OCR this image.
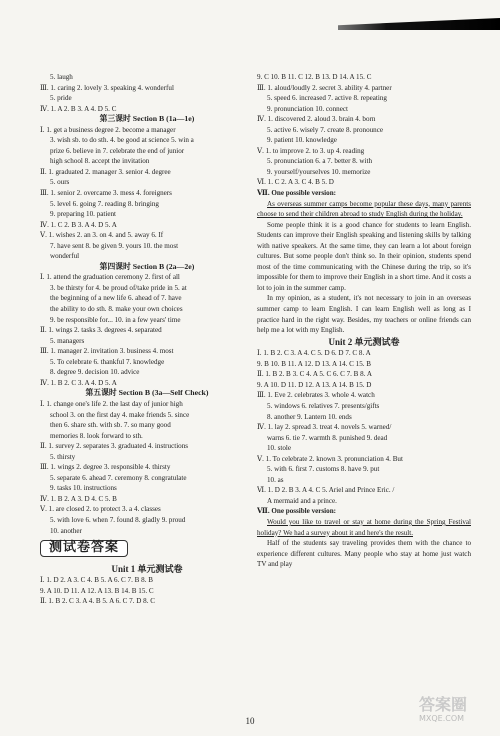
5. laugh
Ⅲ. 1. caring 2. lovely 3. speaking 4. wonderful
5. pride
Ⅳ. 1. A 2. B 3. A 4. D 5. C
第三课时 Section B (1a—1e)
Ⅰ. 1. get a business degree 2. become a manager
3. wish sb. to do sth. 4. be good at science 5. win a
prize 6. believe in 7. celebrate the end of junior
high school 8. accept the invitation
Ⅱ. 1. graduated 2. manager 3. senior 4. degree
5. ours
Ⅲ. 1. senior 2. overcame 3. mess 4. foreigners
5. level 6. going 7. reading 8. bringing
9. preparing 10. patient
Ⅳ. 1. C 2. B 3. A 4. D 5. A
Ⅴ. 1. wishes 2. an 3. on 4. and 5. away 6. If
7. have sent 8. be given 9. yours 10. the most
wonderful
第四课时 Section B (2a—2e)
Ⅰ. 1. attend the graduation ceremony 2. first of all
3. be thirsty for 4. be proud of/take pride in 5. at
the beginning of a new life 6. ahead of 7. have
the ability to do sth. 8. make your own choices
9. be responsible for... 10. in a few years' time
Ⅱ. 1. wings 2. tasks 3. degrees 4. separated
5. managers
Ⅲ. 1. manager 2. invitation 3. business 4. most
5. To celebrate 6. thankful 7. knowledge
8. degree 9. decision 10. advice
Ⅳ. 1. B 2. C 3. A 4. D 5. A
第五课时 Section B (3a—Self Check)
Ⅰ. 1. change one's life 2. the last day of junior high
school 3. on the first day 4. make friends 5. since
then 6. share sth. with sb. 7. so many good
memories 8. look forward to sth.
Ⅱ. 1. survey 2. separates 3. graduated 4. instructions
5. thirsty
Ⅲ. 1. wings 2. degree 3. responsible 4. thirsty
5. separate 6. ahead 7. ceremony 8. congratulate
9. tasks 10. instructions
Ⅳ. 1. B 2. A 3. D 4. C 5. B
Ⅴ. 1. are closed 2. to protect 3. a 4. classes
5. with love 6. when 7. found 8. gladly 9. proud
10. another
测试卷答案
Unit 1 单元测试卷
Ⅰ. 1. D 2. A 3. C 4. B 5. A 6. C 7. B 8. B
9. A 10. D 11. A 12. A 13. B 14. B 15. C
Ⅱ. 1. B 2. C 3. A 4. B 5. A 6. C 7. D 8. C
9. C 10. B 11. C 12. B 13. D 14. A 15. C
Ⅲ. 1. aloud/loudly 2. secret 3. ability 4. partner
5. speed 6. increased 7. active 8. repeating
9. pronunciation 10. connect
Ⅳ. 1. discovered 2. aloud 3. brain 4. born
5. active 6. wisely 7. create 8. pronounce
9. patient 10. knowledge
Ⅴ. 1. to improve 2. to 3. up 4. reading
5. pronunciation 6. a 7. better 8. with
9. yourself/yourselves 10. memorize
Ⅵ. 1. C 2. A 3. C 4. B 5. D
Ⅶ. One possible version:
As overseas summer camps become popular these days, many parents choose to send their children abroad to study English during the holiday.
Some people think it is a good chance for students to learn English. Students can improve their English speaking and listening skills by talking with native speakers. At the same time, they can learn a lot about foreign cultures. But some people don't think so. In their opinion, students spend most of the time communicating with the Chinese during the trip, so it's impossible for them to improve their English in a short time. And it costs a lot to join in the summer camp.
In my opinion, as a student, it's not necessary to join in an overseas summer camp to learn English. I can learn English well as long as I practice hard in the right way. Besides, my teachers or online friends can help me a lot with my English.
Unit 2 单元测试卷
Ⅰ. 1. B 2. C 3. A 4. C 5. D 6. D 7. C 8. A
9. B 10. B 11. A 12. D 13. A 14. C 15. B
Ⅱ. 1. B 2. B 3. C 4. A 5. C 6. C 7. B 8. A
9. A 10. D 11. D 12. A 13. A 14. B 15. D
Ⅲ. 1. Eve 2. celebrates 3. whole 4. watch
5. windows 6. relatives 7. presents/gifts
8. another 9. Lantern 10. ends
Ⅳ. 1. lay 2. spread 3. treat 4. novels 5. warned/
warns 6. tie 7. warmth 8. punished 9. dead
10. stole
Ⅴ. 1. To celebrate 2. known 3. pronunciation 4. But
5. with 6. first 7. customs 8. have 9. put
10. as
Ⅵ. 1. D 2. B 3. A 4. C 5. Ariel and Prince Eric. /
A mermaid and a prince.
Ⅶ. One possible version:
Would you like to travel or stay at home during the Spring Festival holiday? We had a survey about it and here's the result.
Half of the students say traveling provides them with the chance to experience different cultures. Many people who stay at home just watch TV and play
10
答案圈
MXQE.COM
